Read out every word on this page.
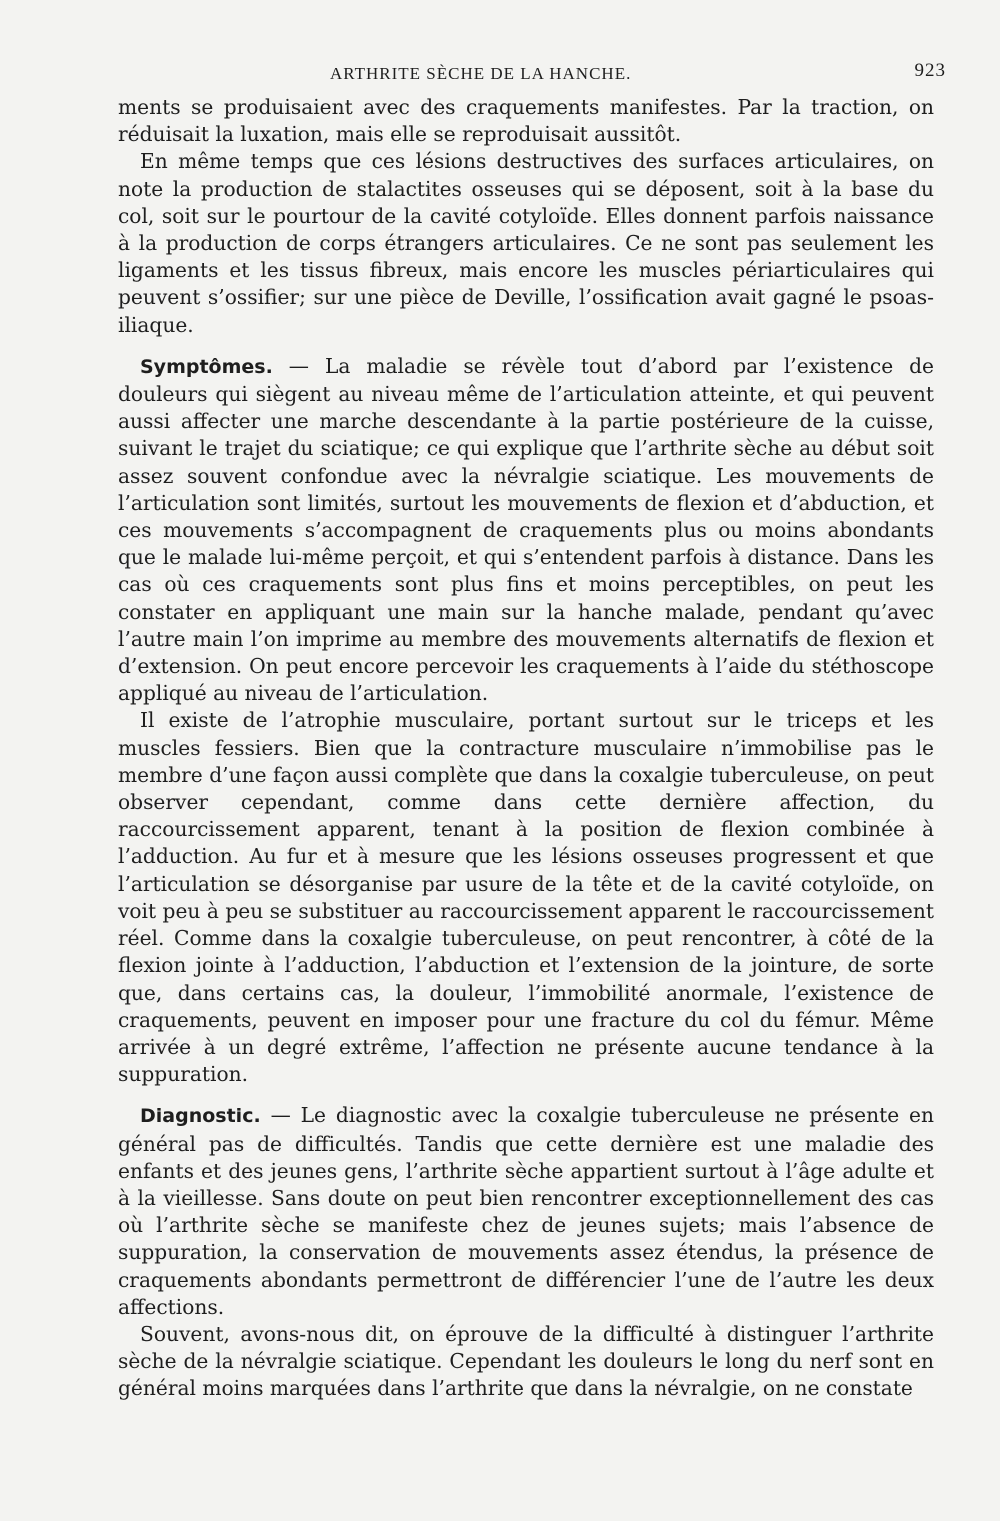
ARTHRITE SÈCHE DE LA HANCHE.	923

ments se produisaient avec des craquements manifestes. Par la traction, on réduisait la luxation, mais elle se reproduisait aussitôt.

En même temps que ces lésions destructives des surfaces articulaires, on note la production de stalactites osseuses qui se déposent, soit à la base du col, soit sur le pourtour de la cavité cotyloïde. Elles donnent parfois naissance à la production de corps étrangers articulaires. Ce ne sont pas seulement les ligaments et les tissus fibreux, mais encore les muscles périarticulaires qui peuvent s’ossifier; sur une pièce de Deville, l’ossification avait gagné le psoas-iliaque.

Symptômes. — La maladie se révèle tout d’abord par l’existence de douleurs qui siègent au niveau même de l’articulation atteinte, et qui peuvent aussi affecter une marche descendante à la partie postérieure de la cuisse, suivant le trajet du sciatique; ce qui explique que l’arthrite sèche au début soit assez souvent confondue avec la névralgie sciatique. Les mouvements de l’articulation sont limités, surtout les mouvements de flexion et d’abduction, et ces mouvements s’accompagnent de craquements plus ou moins abondants que le malade lui-même perçoit, et qui s’entendent parfois à distance. Dans les cas où ces craquements sont plus fins et moins perceptibles, on peut les constater en appliquant une main sur la hanche malade, pendant qu’avec l’autre main l’on imprime au membre des mouvements alternatifs de flexion et d’extension. On peut encore percevoir les craquements à l’aide du stéthoscope appliqué au niveau de l’articulation.

Il existe de l’atrophie musculaire, portant surtout sur le triceps et les muscles fessiers. Bien que la contracture musculaire n’immobilise pas le membre d’une façon aussi complète que dans la coxalgie tuberculeuse, on peut observer cependant, comme dans cette dernière affection, du raccourcissement apparent, tenant à la position de flexion combinée à l’adduction. Au fur et à mesure que les lésions osseuses progressent et que l’articulation se désorganise par usure de la tête et de la cavité cotyloïde, on voit peu à peu se substituer au raccourcissement apparent le raccourcissement réel. Comme dans la coxalgie tuberculeuse, on peut rencontrer, à côté de la flexion jointe à l’adduction, l’abduction et l’extension de la jointure, de sorte que, dans certains cas, la douleur, l’immobilité anormale, l’existence de craquements, peuvent en imposer pour une fracture du col du fémur. Même arrivée à un degré extrême, l’affection ne présente aucune tendance à la suppuration.

Diagnostic. — Le diagnostic avec la coxalgie tuberculeuse ne présente en général pas de difficultés. Tandis que cette dernière est une maladie des enfants et des jeunes gens, l’arthrite sèche appartient surtout à l’âge adulte et à la vieillesse. Sans doute on peut bien rencontrer exceptionnellement des cas où l’arthrite sèche se manifeste chez de jeunes sujets; mais l’absence de suppuration, la conservation de mouvements assez étendus, la présence de craquements abondants permettront de différencier l’une de l’autre les deux affections.

Souvent, avons-nous dit, on éprouve de la difficulté à distinguer l’arthrite sèche de la névralgie sciatique. Cependant les douleurs le long du nerf sont en général moins marquées dans l’arthrite que dans la névralgie, on ne constate
